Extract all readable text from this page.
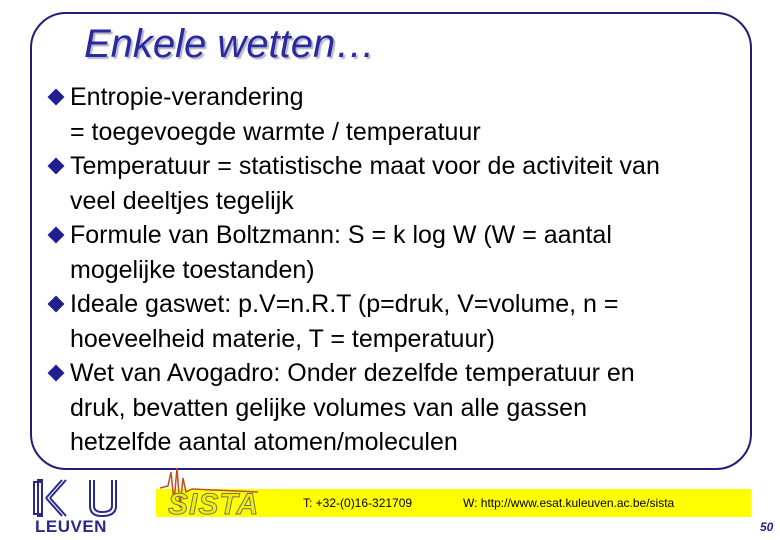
Enkele wetten…
Entropie-verandering
= toegevoegde warmte / temperatuur
Temperatuur = statistische maat voor de activiteit van
veel deeltjes tegelijk
Formule van Boltzmann: S = k log W (W = aantal
mogelijke toestanden)
Ideale gaswet: p.V=n.R.T (p=druk, V=volume, n =
hoeveelheid materie, T = temperatuur)
Wet van Avogadro: Onder dezelfde temperatuur en
druk, bevatten gelijke volumes van alle gassen
hetzelfde aantal atomen/moleculen
SISTA	T: +32-(0)16-321709	W: http://www.esat.kuleuven.ac.be/sista
LEUVEN	50
